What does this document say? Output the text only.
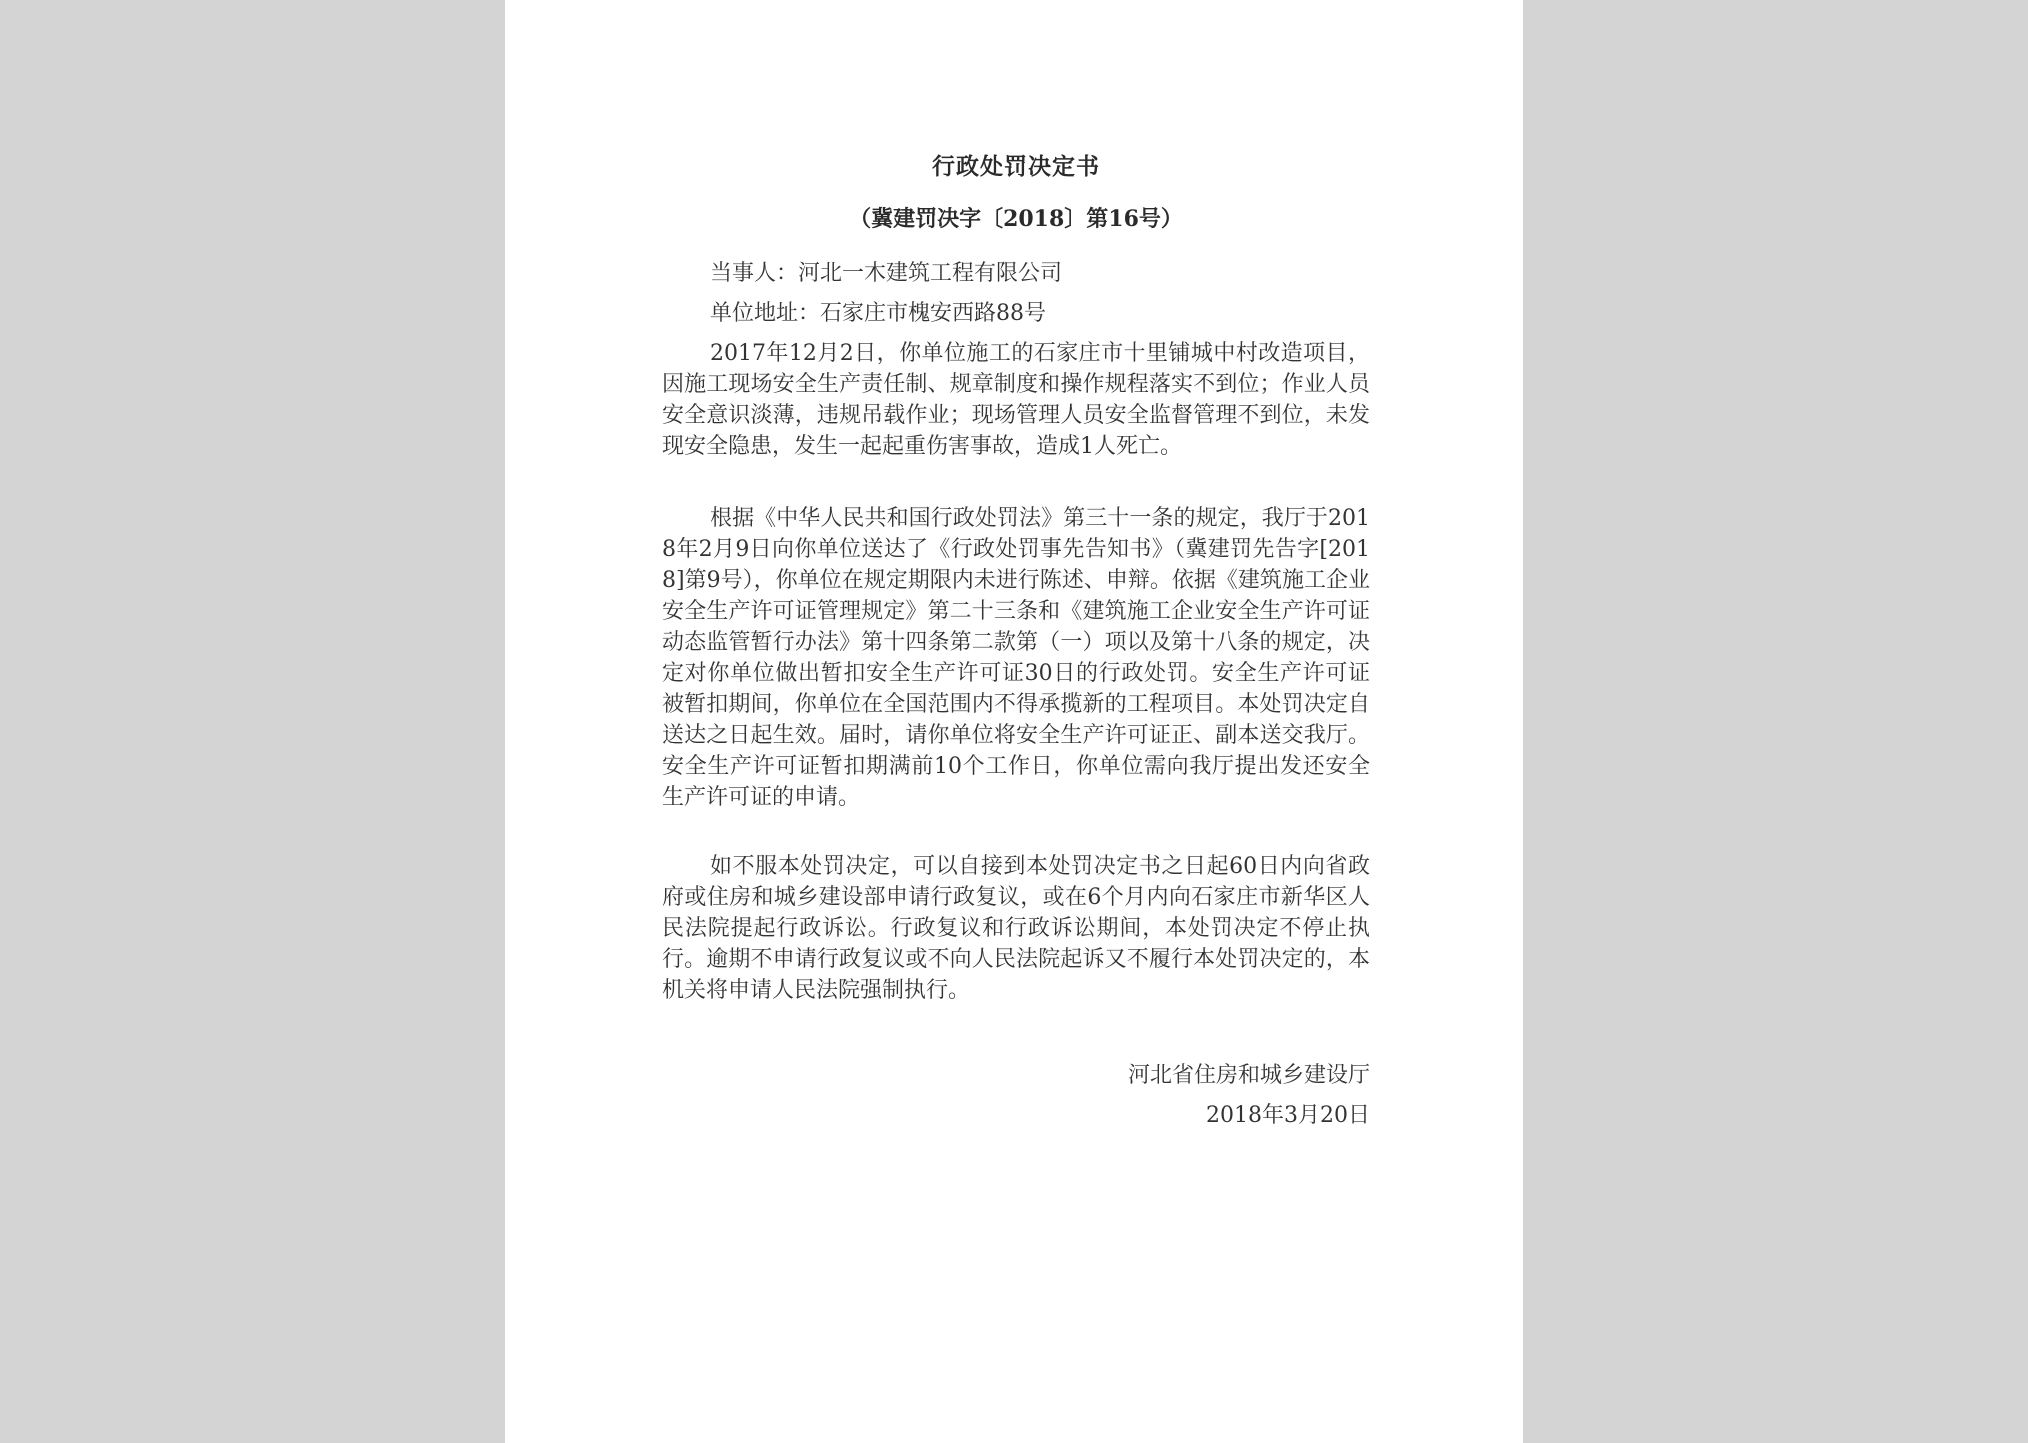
行政处罚决定书
（冀建罚决字〔2018〕第16号）
当事人：河北一木建筑工程有限公司
单位地址：石家庄市槐安西路88号
2017年12月2日，你单位施工的石家庄市十里铺城中村改造项目，因施工现场安全生产责任制、规章制度和操作规程落实不到位；作业人员安全意识淡薄，违规吊载作业；现场管理人员安全监督管理不到位，未发现安全隐患，发生一起起重伤害事故，造成1人死亡。
根据《中华人民共和国行政处罚法》第三十一条的规定，我厅于2018年2月9日向你单位送达了《行政处罚事先告知书》（冀建罚先告字[2018]第9号），你单位在规定期限内未进行陈述、申辩。依据《建筑施工企业安全生产许可证管理规定》第二十三条和《建筑施工企业安全生产许可证动态监管暂行办法》第十四条第二款第（一）项以及第十八条的规定，决定对你单位做出暂扣安全生产许可证30日的行政处罚。安全生产许可证被暂扣期间，你单位在全国范围内不得承揽新的工程项目。本处罚决定自送达之日起生效。届时，请你单位将安全生产许可证正、副本送交我厅。安全生产许可证暂扣期满前10个工作日，你单位需向我厅提出发还安全生产许可证的申请。
如不服本处罚决定，可以自接到本处罚决定书之日起60日内向省政府或住房和城乡建设部申请行政复议，或在6个月内向石家庄市新华区人民法院提起行政诉讼。行政复议和行政诉讼期间，本处罚决定不停止执行。逾期不申请行政复议或不向人民法院起诉又不履行本处罚决定的，本机关将申请人民法院强制执行。
河北省住房和城乡建设厅
2018年3月20日
